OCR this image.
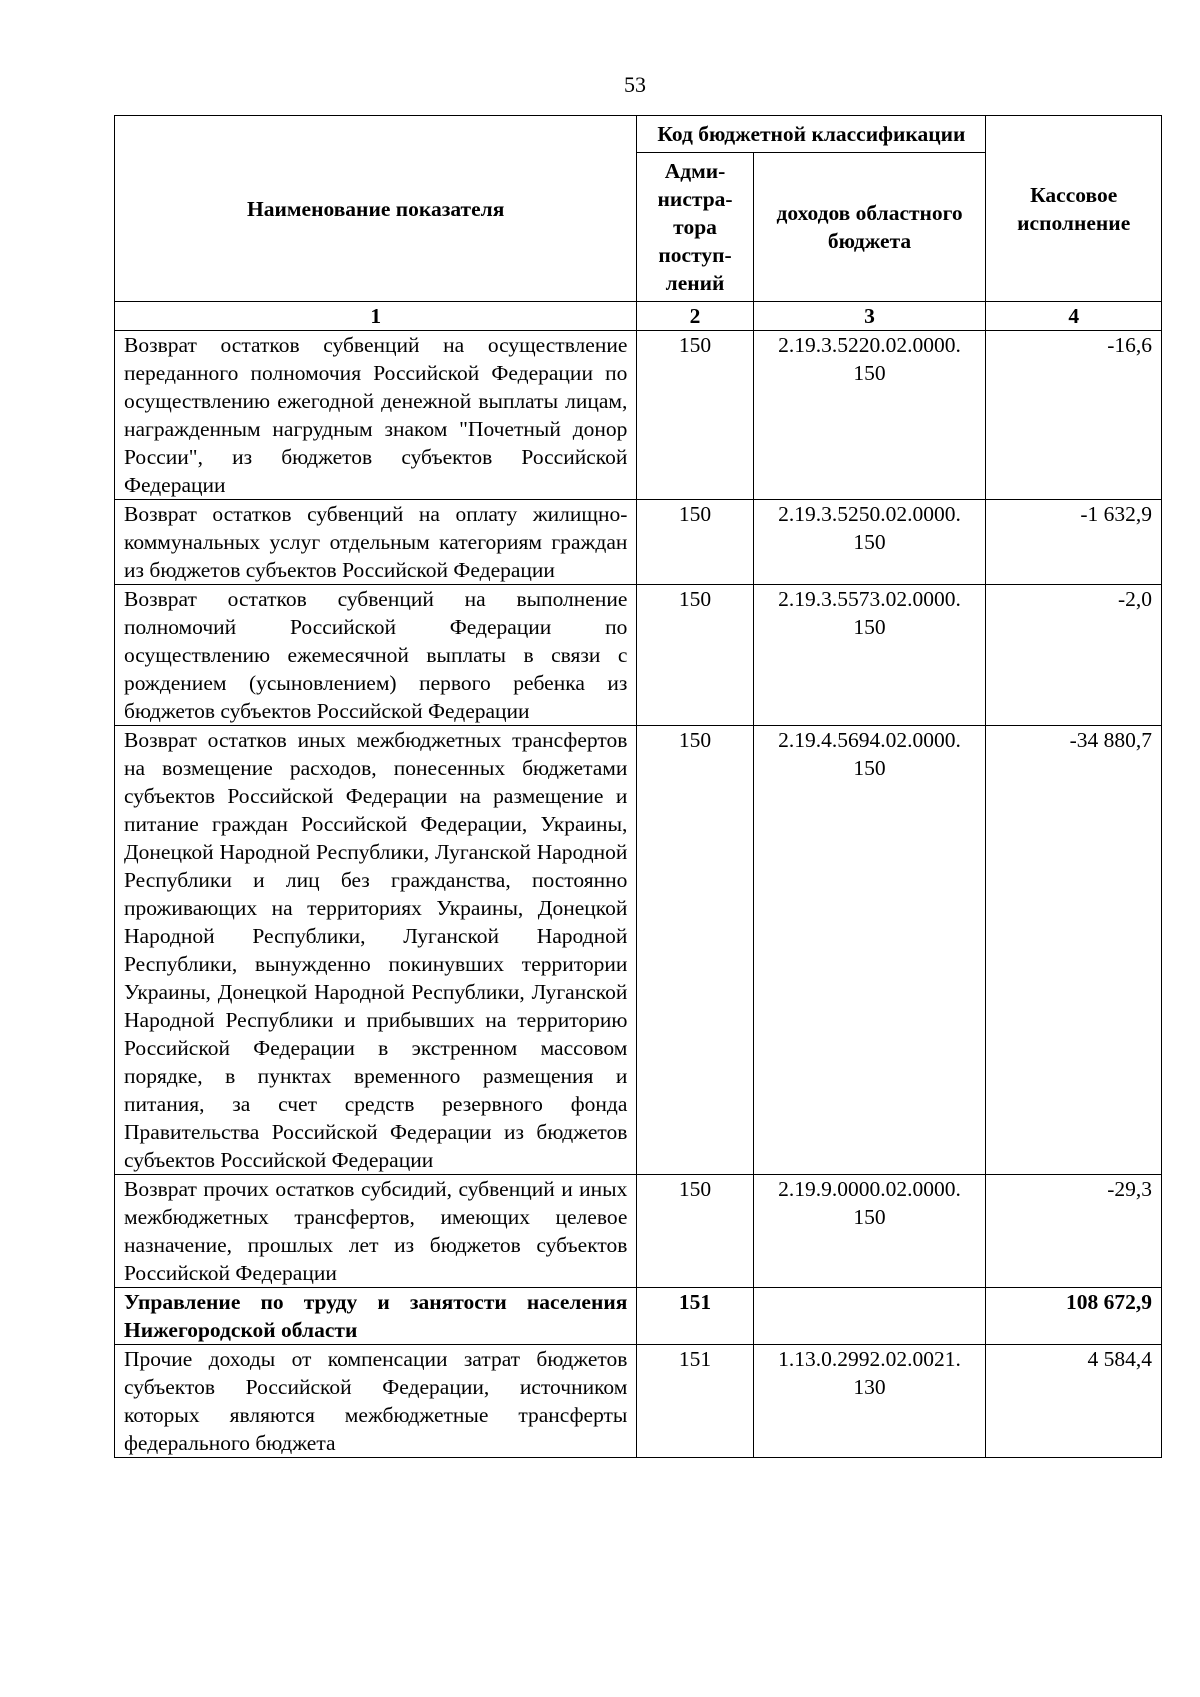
53
Наименование показателя	Код бюджетной классификации		Кассовое исполнение
	Адми-нистра-тора поступ-лений	доходов областного бюджета	
1	2	3	4
Возврат остатков субвенций на осуществление переданного полномочия Российской Федерации по осуществлению ежегодной денежной выплаты лицам, награжденным нагрудным знаком "Почетный донор России", из бюджетов субъектов Российской Федерации	150	2.19.3.5220.02.0000. 150	-16,6
Возврат остатков субвенций на оплату жилищно-коммунальных услуг отдельным категориям граждан из бюджетов субъектов Российской Федерации	150	2.19.3.5250.02.0000. 150	-1 632,9
Возврат остатков субвенций на выполнение полномочий Российской Федерации по осуществлению ежемесячной выплаты в связи с рождением (усыновлением) первого ребенка из бюджетов субъектов Российской Федерации	150	2.19.3.5573.02.0000. 150	-2,0
Возврат остатков иных межбюджетных трансфертов на возмещение расходов, понесенных бюджетами субъектов Российской Федерации на размещение и питание граждан Российской Федерации, Украины, Донецкой Народной Республики, Луганской Народной Республики и лиц без гражданства, постоянно проживающих на территориях Украины, Донецкой Народной Республики, Луганской Народной Республики, вынужденно покинувших территории Украины, Донецкой Народной Республики, Луганской Народной Республики и прибывших на территорию Российской Федерации в экстренном массовом порядке, в пунктах временного размещения и питания, за счет средств резервного фонда Правительства Российской Федерации из бюджетов субъектов Российской Федерации	150	2.19.4.5694.02.0000. 150	-34 880,7
Возврат прочих остатков субсидий, субвенций и иных межбюджетных трансфертов, имеющих целевое назначение, прошлых лет из бюджетов субъектов Российской Федерации	150	2.19.9.0000.02.0000. 150	-29,3
Управление по труду и занятости населения Нижегородской области	151		108 672,9
Прочие доходы от компенсации затрат бюджетов субъектов Российской Федерации, источником которых являются межбюджетные трансферты федерального бюджета	151	1.13.0.2992.02.0021. 130	4 584,4
